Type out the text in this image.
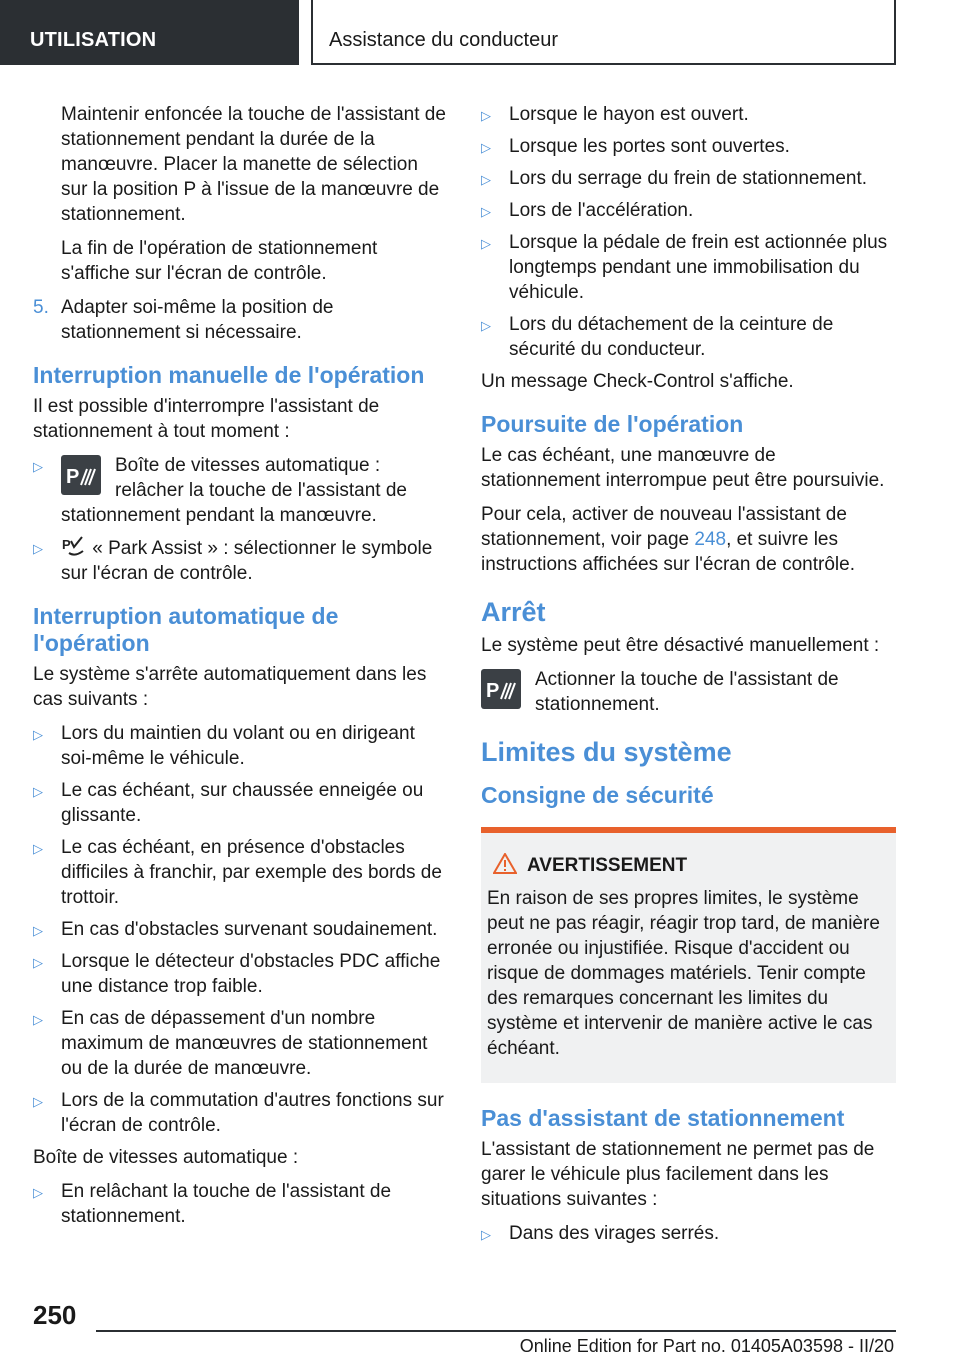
UTILISATION	Assistance du conducteur

Maintenir enfoncée la touche de l'assistant de stationnement pendant la durée de la manœuvre. Placer la manette de sélection sur la position P à l'issue de la manœuvre de stationnement.

La fin de l'opération de stationnement s'affiche sur l'écran de contrôle.

5. Adapter soi-même la position de stationnement si nécessaire.

Interruption manuelle de l'opération

Il est possible d'interrompre l'assistant de stationnement à tout moment :

▷ P
Boîte de vitesses automatique : relâcher la touche de l'assistant de stationnement pendant la manœuvre.
▷ P « Park Assist » : sélectionner le symbole sur l'écran de contrôle.
Interruption automatique de l'opération

Le système s'arrête automatiquement dans les cas suivants :

▷ Lors du maintien du volant ou en dirigeant soi-même le véhicule.
▷ Le cas échéant, sur chaussée enneigée ou glissante.
▷ Le cas échéant, en présence d'obstacles difficiles à franchir, par exemple des bords de trottoir.
▷ En cas d'obstacles survenant soudainement.
▷ Lorsque le détecteur d'obstacles PDC affiche une distance trop faible.
▷ En cas de dépassement d'un nombre maximum de manœuvres de stationnement ou de la durée de manœuvre.
▷ Lors de la commutation d'autres fonctions sur l'écran de contrôle.

Boîte de vitesses automatique :

▷ En relâchant la touche de l'assistant de stationnement.
▷ Lorsque le hayon est ouvert.
▷ Lorsque les portes sont ouvertes.
▷ Lors du serrage du frein de stationnement.
▷ Lors de l'accélération.
▷ Lorsque la pédale de frein est actionnée plus longtemps pendant une immobilisation du véhicule.
▷ Lors du détachement de la ceinture de sécurité du conducteur.

Un message Check-Control s'affiche.

Poursuite de l'opération

Le cas échéant, une manœuvre de stationnement interrompue peut être poursuivie.

Pour cela, activer de nouveau l'assistant de stationnement, voir page 248, et suivre les instructions affichées sur l'écran de contrôle.

Arrêt

Le système peut être désactivé manuellement :

P

Actionner la touche de l'assistant de stationnement.

Limites du système
Consigne de sécurité
AVERTISSEMENT

En raison de ses propres limites, le système peut ne pas réagir, réagir trop tard, de manière erronée ou injustifiée. Risque d'accident ou risque de dommages matériels. Tenir compte des remarques concernant les limites du système et intervenir de manière active le cas échéant.

Pas d'assistant de stationnement

L'assistant de stationnement ne permet pas de garer le véhicule plus facilement dans les situations suivantes :

▷ Dans des virages serrés.
250
Online Edition for Part no. 01405A03598 - II/20
